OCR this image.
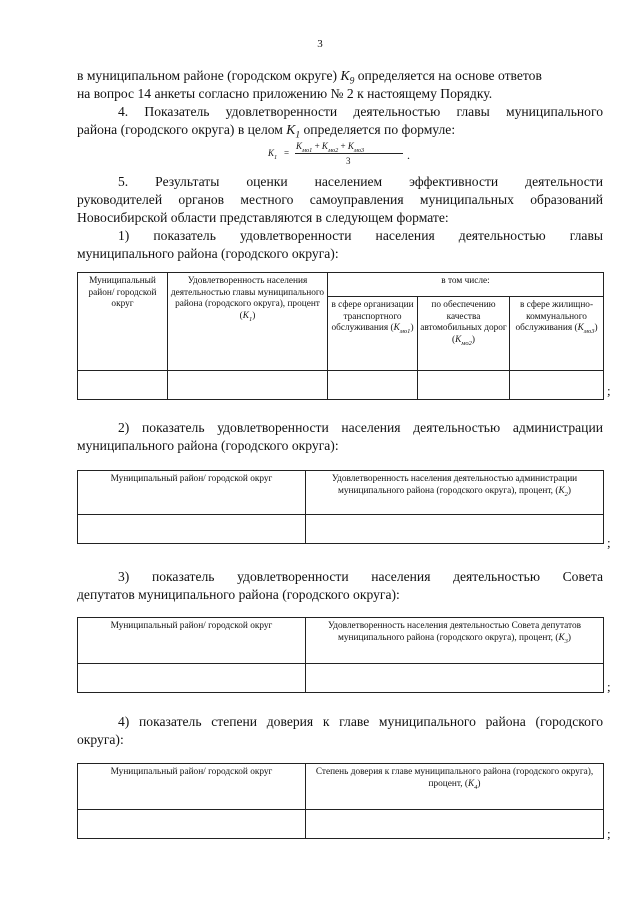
3
в муниципальном районе (городском округе) $K_9$ определяется на основе ответов
на вопрос 14 анкеты согласно приложению № 2 к настоящему Порядку.
4. Показатель удовлетворенности деятельностью главы муниципального
района (городского округа) в целом $K_1$ определяется по формуле:
$K_1$ =
$K_{мо1} + K_{мо2} + K_{мо3}$
3	.
5. Результаты оценки населением эффективности деятельности
руководителей органов местного самоуправления муниципальных образований
Новосибирской области представляются в следующем формате:
1) показатель удовлетворенности населения деятельностью главы
муниципального района (городского округа):
Муниципальный район/ городской округ	Удовлетворенность населения деятельностью главы муниципального района (городского округа), процент $(K_1)$	в том числе:		
		в сфере организации транспортного обслуживания $(K_{мо1})$	по обеспечению качества автомобильных дорог $(K_{мо2})$	в сфере жилищно-коммунального обслуживания $(K_{мо3})$

;
2) показатель удовлетворенности населения деятельностью администрации
муниципального района (городского округа):
Муниципальный район/ городской округ	Удовлетворенность населения деятельностью администрации муниципального района (городского округа), процент, $(K_2)$

;
3) показатель удовлетворенности населения деятельностью Совета
депутатов муниципального района (городского округа):
Муниципальный район/ городской округ	Удовлетворенность населения деятельностью Совета депутатов муниципального района (городского округа), процент, $(K_3)$

;
4) показатель степени доверия к главе муниципального района (городского
округа):
Муниципальный район/ городской округ	Степень доверия к главе муниципального района (городского округа), процент, $(K_4)$

;
